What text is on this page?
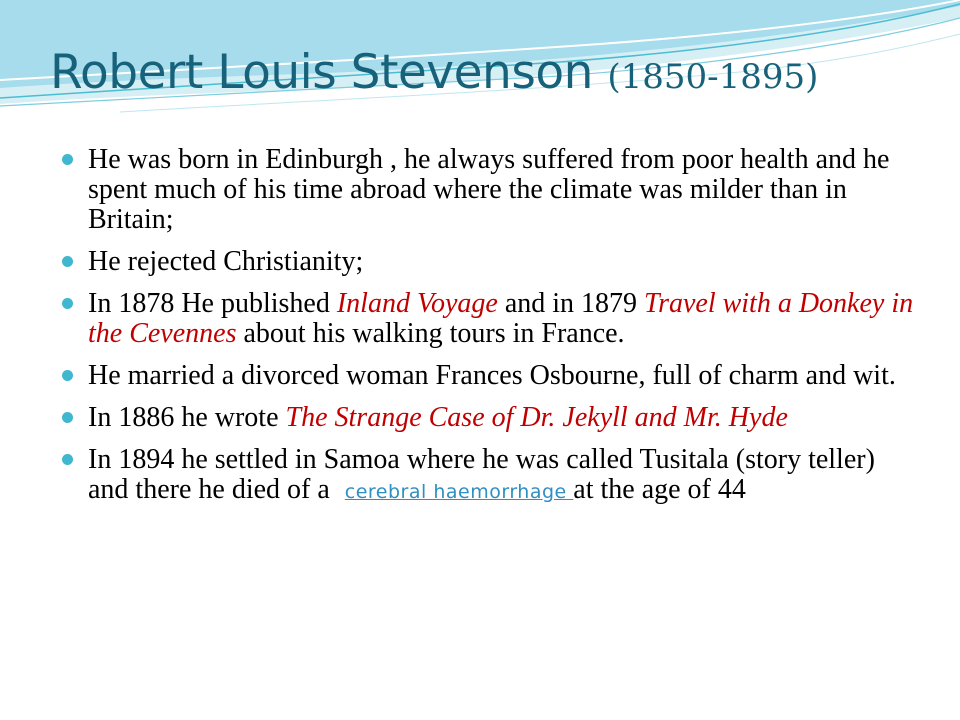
Robert Louis Stevenson (1850-1895)
He was born in Edinburgh , he always suffered from poor health and he spent much of his time abroad where the climate was milder than in Britain;
He rejected Christianity;
In 1878 He published Inland Voyage and in 1879 Travel with a Donkey in the Cevennes about his walking tours in France.
He married a divorced woman Frances Osbourne, full of charm and wit.
In 1886 he wrote The Strange Case of Dr. Jekyll and Mr. Hyde
In 1894 he settled in Samoa where he was called Tusitala (story teller) and there he died of a cerebral haemorrhage at the age of 44
